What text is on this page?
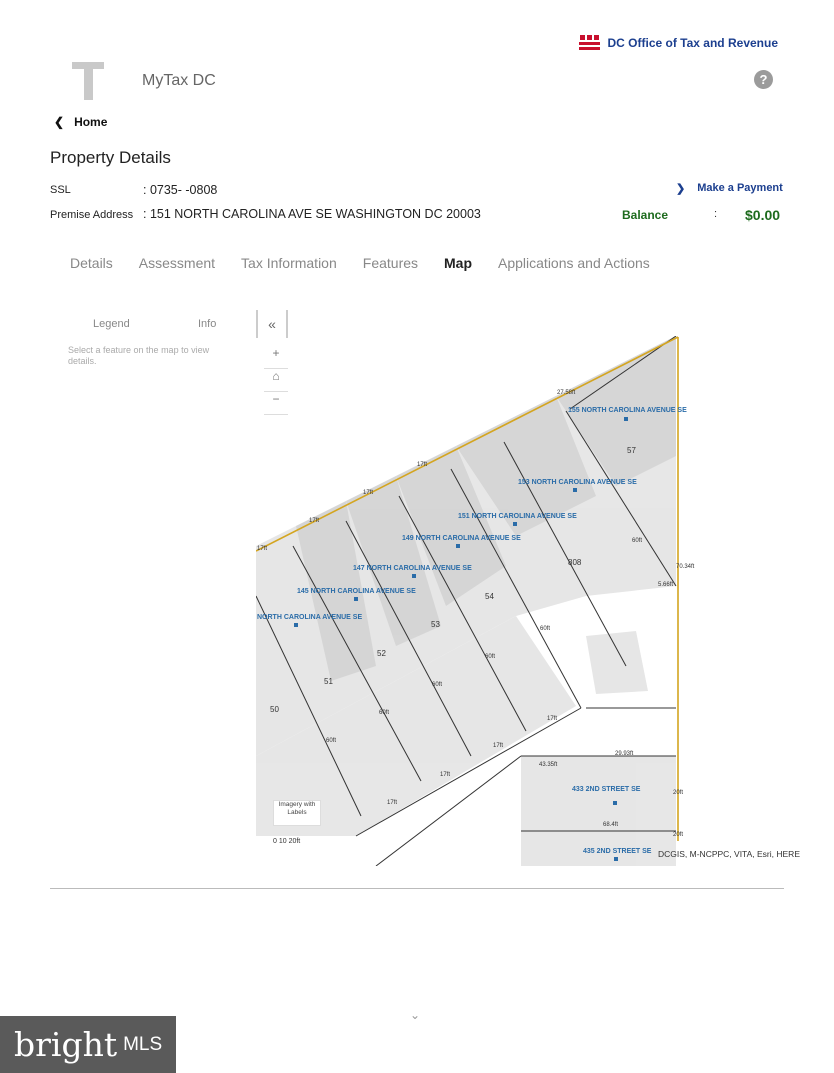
DC Office of Tax and Revenue
MyTax DC	?
❮ Home
Property Details
SSL	: 0735- -0808
Premise Address : 151 NORTH CAROLINA AVE SE WASHINGTON DC 20003
❯ Make a Payment
Balance	: $0.00
Details Assessment Tax Information Features Map Applications and Actions
Legend	Info
Select a feature on the map to view details.
«
155 NORTH CAROLINA AVENUE SE
153 NORTH CAROLINA AVENUE SE
151 NORTH CAROLINA AVENUE SE
149 NORTH CAROLINA AVENUE SE
147 NORTH CAROLINA AVENUE SE
145 NORTH CAROLINA AVENUE SE
NORTH CAROLINA AVENUE SE
433 2ND STREET SE
435 2ND STREET SE
57
808
54
53
52
51
50
27.58ft
17ft
17ft
17ft
17ft
60ft
5.66ft
70.34ft
60ft
60ft
60ft
60ft
60ft
17ft
17ft
17ft
17ft
29.93ft
43.35ft
20ft
68.4ft
20ft
+
⌂
−
Imagery with Labels
0 10 20ft
DCGIS, M-NCPPC, VITA, Esri, HERE
⌄
bright MLS
